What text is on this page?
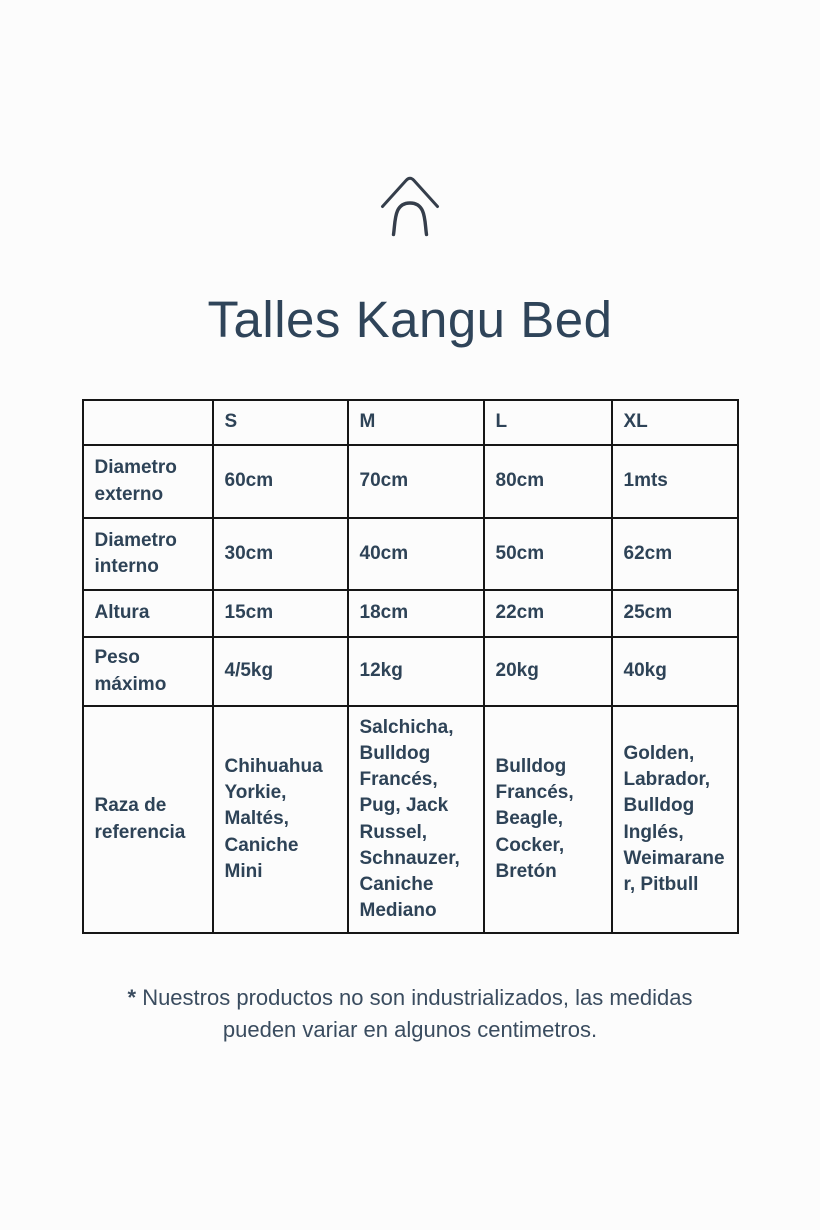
Talles Kangu Bed
	S	M	L	XL
Diametro externo	60cm	70cm	80cm	1mts
Diametro interno	30cm	40cm	50cm	62cm
Altura	15cm	18cm	22cm	25cm
Peso máximo	4/5kg	12kg	20kg	40kg
Raza de referencia	Chihuahua Yorkie, Maltés, Caniche Mini	Salchicha, Bulldog Francés, Pug, Jack Russel, Schnauzer, Caniche Mediano	Bulldog Francés, Beagle, Cocker, Bretón	Golden, Labrador, Bulldog Inglés, Weimaraner, Pitbull

* Nuestros productos no son industrializados, las medidas pueden variar en algunos centimetros.
